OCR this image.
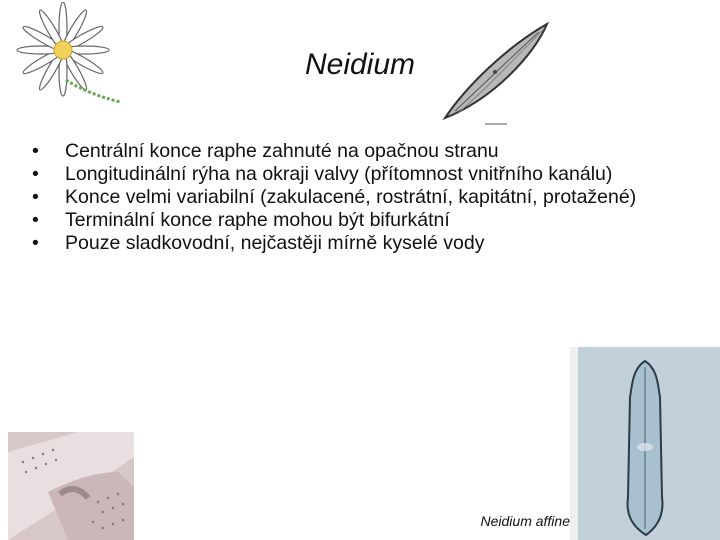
Neidium
• Centrální konce raphe zahnuté na opačnou stranu
• Longitudinální rýha na okraji valvy (přítomnost vnitřního kanálu)
• Konce velmi variabilní (zakulacené, rostrátní, kapitátní, protažené)
• Terminální konce raphe mohou být bifurkátní
• Pouze sladkovodní, nejčastěji mírně kyselé vody
Neidium affine
